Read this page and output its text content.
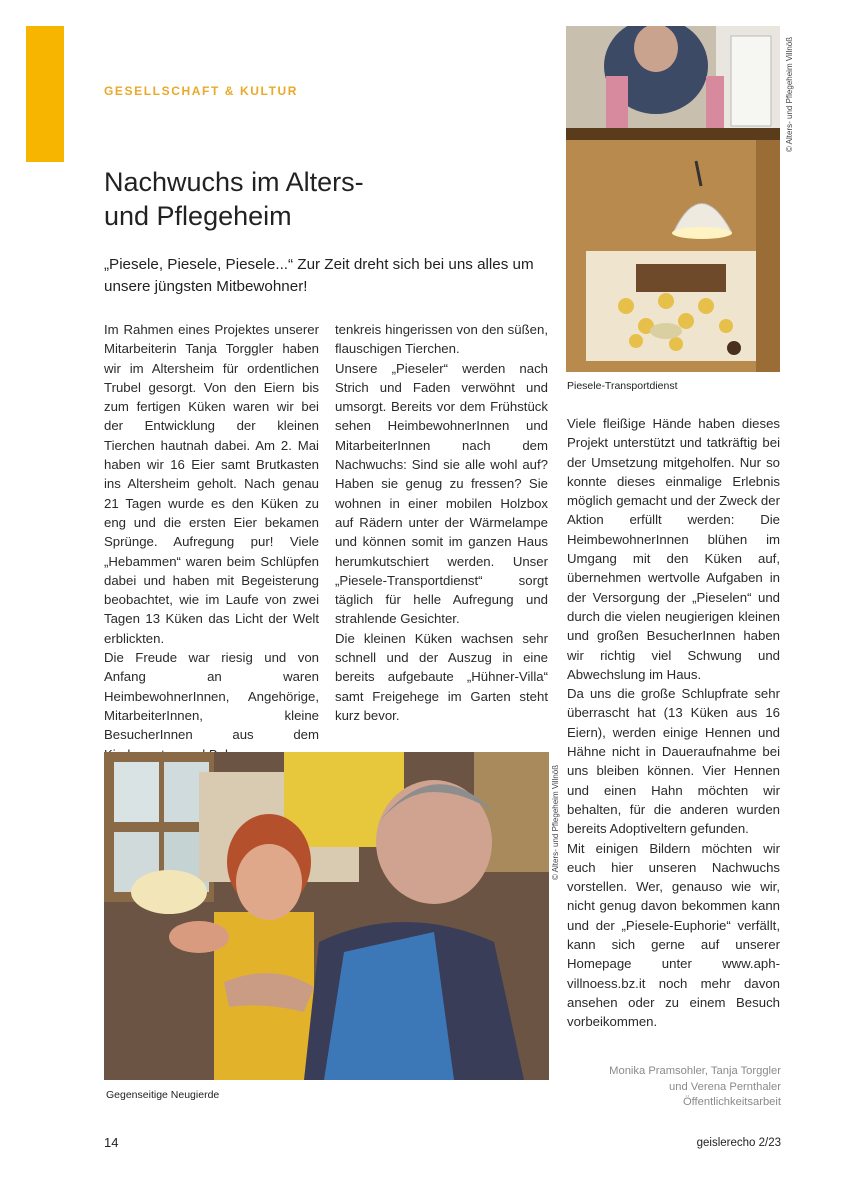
GESELLSCHAFT & KULTUR
Nachwuchs im Alters-
und Pflegeheim

„Piesele, Piesele, Piesele...“ Zur Zeit dreht sich bei uns alles um unsere jüngsten Mitbewohner!

Im Rahmen eines Projektes unserer Mitarbeiterin Tanja Torggler haben wir im Altersheim für ordentlichen Trubel gesorgt. Von den Eiern bis zum fertigen Küken waren wir bei der Entwicklung der kleinen Tierchen hautnah dabei. Am 2. Mai haben wir 16 Eier samt Brutkasten ins Altersheim geholt. Nach genau 21 Tagen wurde es den Küken zu eng und die ersten Eier bekamen Sprünge. Aufregung pur! Viele „Hebammen“ waren beim Schlüpfen dabei und haben mit Begeisterung beobachtet, wie im Laufe von zwei Tagen 13 Küken das Licht der Welt erblickten.

Die Freude war riesig und von Anfang an waren HeimbewohnerInnen, Angehörige, MitarbeiterInnen, kleine BesucherInnen aus dem

tenkreis hingerissen von den süßen, flauschigen Tierchen.

Unsere „Pieseler“ werden nach Strich und Faden verwöhnt und umsorgt. Bereits vor dem Frühstück sehen HeimbewohnerInnen und MitarbeiterInnen nach dem Nachwuchs: Sind sie alle wohl auf? Haben sie genug zu fressen? Sie wohnen in einer mobilen Holzbox auf Rädern unter der Wärmelampe und können somit im ganzen Haus herumkutschiert werden. Unser „Piesele-Transportdienst“ sorgt täglich für helle Aufregung und strahlende Gesichter.

Die kleinen Küken wachsen sehr schnell und der Auszug in eine bereits aufgebaute „Hühner-Villa“ samt Freigehege im Garten steht kurz bevor.

Viele fleißige Hände haben dieses Projekt unterstützt und tatkräftig bei der Umsetzung mitgeholfen. Nur so konnte dieses einmalige Erlebnis möglich gemacht und der Zweck der Aktion erfüllt werden: Die HeimbewohnerInnen blühen im Umgang mit den Küken auf, übernehmen wertvolle Aufgaben in der Versorgung der „Pieselen“ und durch die vielen neugierigen kleinen und großen BesucherInnen haben wir richtig viel Schwung und Abwechslung im Haus.

Da uns die große Schlupfrate sehr überrascht hat (13 Küken aus 16 Eiern), werden einige Hennen und Hähne nicht in Daueraufnahme bei uns bleiben können. Vier Hennen und einen Hahn möchten wir behalten, für die anderen wurden bereits Adoptiveltern gefunden.

Mit einigen Bildern möchten wir euch hier unseren Nachwuchs vorstellen. Wer, genauso wie wir, nicht genug davon bekommen kann und der „Piesele-Euphorie“ verfällt, kann sich gerne auf unserer Homepage unter www.aph-villnoess.bz.it noch mehr davon ansehen oder zu einem Besuch vorbeikommen.

Piesele-Transportdienst
© Alters- und Pflegeheim Villnöß
Gegenseitige Neugierde
© Alters- und Pflegeheim Villnöß
Monika Pramsohler, Tanja Torggler
und Verena Pernthaler
Öffentlichkeitsarbeit
14	geislerecho 2/23
